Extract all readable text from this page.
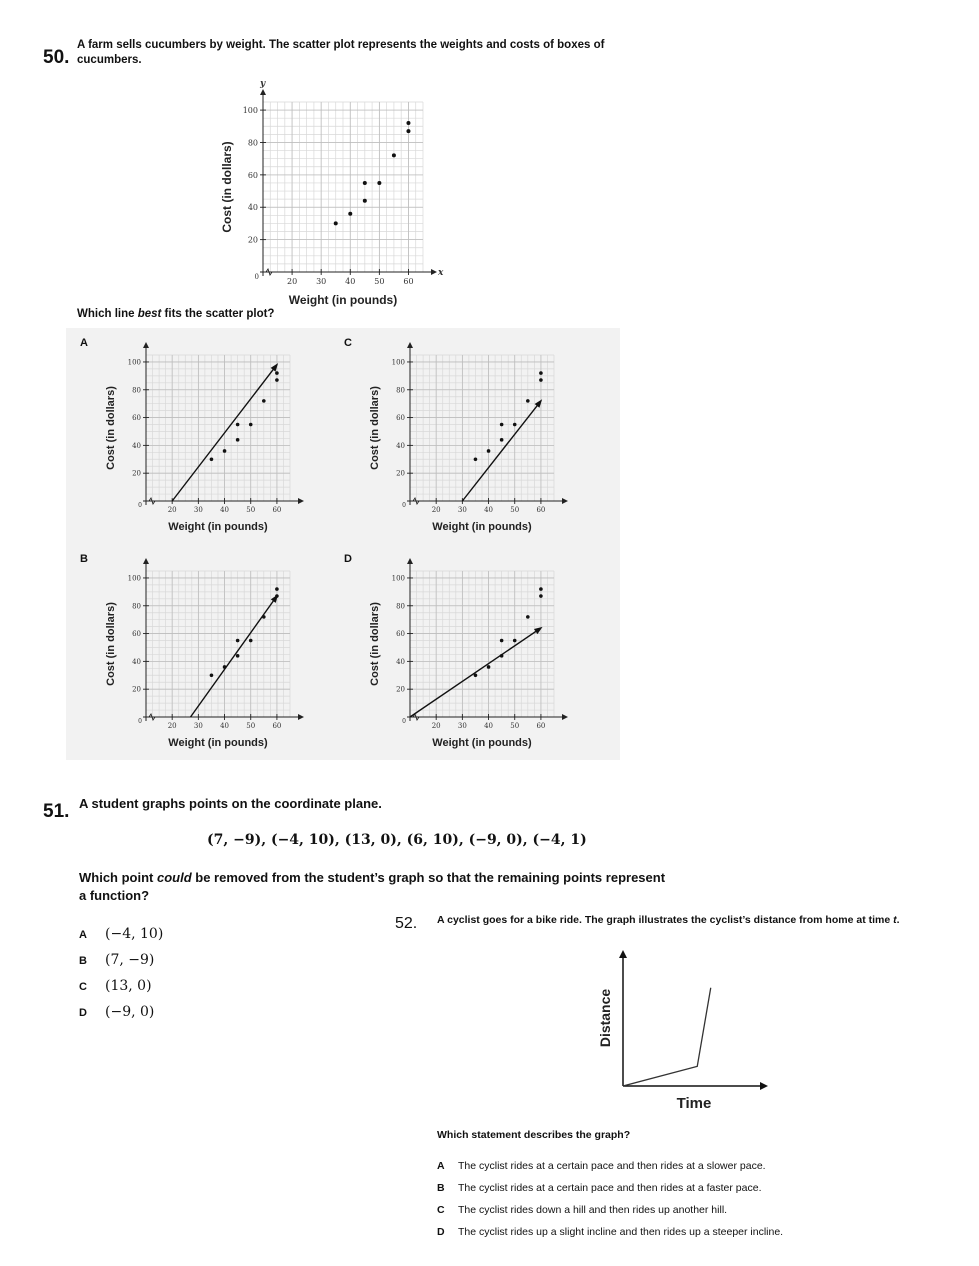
50.
A farm sells cucumbers by weight. The scatter plot represents the weights and costs of boxes of
cucumbers.
20 30 40 50 60
20
40
60
80
100
0	x
y
Weight (in pounds)
Cost (in dollars)
Which line best fits the scatter plot?
A	C
B	D
20 30 40 50 60
20
40
60
80
100
0
Weight (in pounds)
Cost (in dollars)
20 30 40 50 60
20
40
60
80
100
0
Weight (in pounds)
Cost (in dollars)
20 30 40 50 60
20
40
60
80
100
0
Weight (in pounds)
Cost (in dollars)
20 30 40 50 60
20
40
60
80
100
0
Weight (in pounds)
Cost (in dollars)
51. A student graphs points on the coordinate plane.
(7, −9), (−4, 10), (13, 0), (6, 10), (−9, 0), (−4, 1)
Which point could be removed from the student’s graph so that the remaining points represent
a function?
A (−4, 10)
B (7, −9)
C (13, 0)
D (−9, 0)
52. A cyclist goes for a bike ride. The graph illustrates the cyclist’s distance from home at time t.
Time
Distance
Which statement describes the graph?
A The cyclist rides at a certain pace and then rides at a slower pace.
B The cyclist rides at a certain pace and then rides at a faster pace.
C The cyclist rides down a hill and then rides up another hill.
D The cyclist rides up a slight incline and then rides up a steeper incline.
